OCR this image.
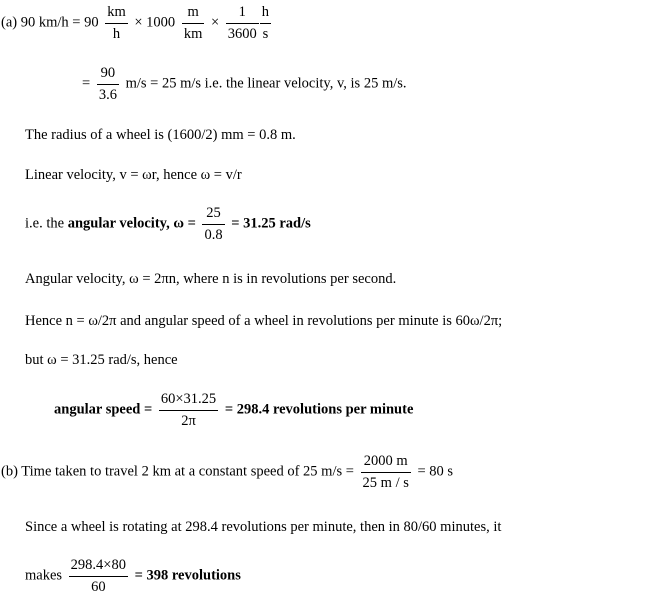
(a) 90 $km/h = 90 \frac{km}{h} \times 1000 \frac{m}{km} \times \frac{1}{3600} \frac{h}{s}$
= $\frac{90}{3.6} m/s = 25$ m/s i.e. the linear velocity, v, is 25 m/s.
The radius of a wheel is (1600/2) mm = 0.8 m.
Linear velocity, v = ωr, hence ω = v/r
i.e. the angular velocity, $\omega = \frac{25}{0.8} = 31.25$ rad/s
Angular velocity, ω = 2πn, where n is in revolutions per second.
Hence n = ω/2π and angular speed of a wheel in revolutions per minute is 60ω/2π;
but ω = 31.25 rad/s, hence
angular speed = $\frac{60\times 31.25}{2\pi} = 298.4$ revolutions per minute
(b) Time taken to travel 2 km at a constant speed of 25 $m/s = \frac{2000 m}{25 m / s} = 80$ s
Since a wheel is rotating at 298.4 revolutions per minute, then in 80/60 minutes, it
makes $\frac{298.4\times 80}{60} = 398$ revolutions
